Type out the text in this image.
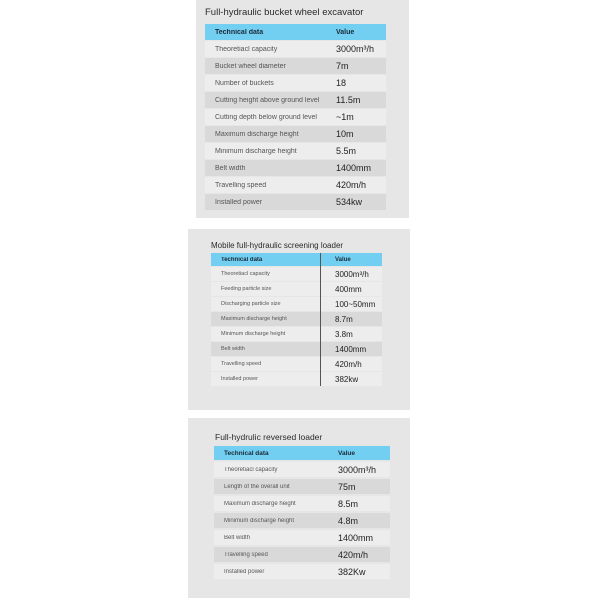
Full-hydraulic bucket wheel excavator
Technical data	Value
Theoretiacl capacity	3000m³/h
Bucket wheel diameter	7m
Number of buckets	18
Cutting height above ground level	11.5m
Cutting depth below ground level	~1m
Maximum discharge height	10m
Minimum discharge height	5.5m
Belt width	1400mm
Travelling speed	420m/h
Installed power	534kw
Mobile full-hydraulic screening loader
Technical data	Value
Theoretiacl capacity	3000m³/h
Feeding particle size	400mm
Discharging particle size	100~50mm
Maximum discharge height	8.7m
Minimum discharge height	3.8m
Belt width	1400mm
Travelling speed	420m/h
Installed power	382kw
Full-hydrulic reversed loader
Technical data	Value
Theoretiacl capacity	3000m³/h
Length of the overall unit	75m
Maximum discharge height	8.5m
Minimum discharge height	4.8m
Belt width	1400mm
Travelling speed	420m/h
Installed power	382Kw
